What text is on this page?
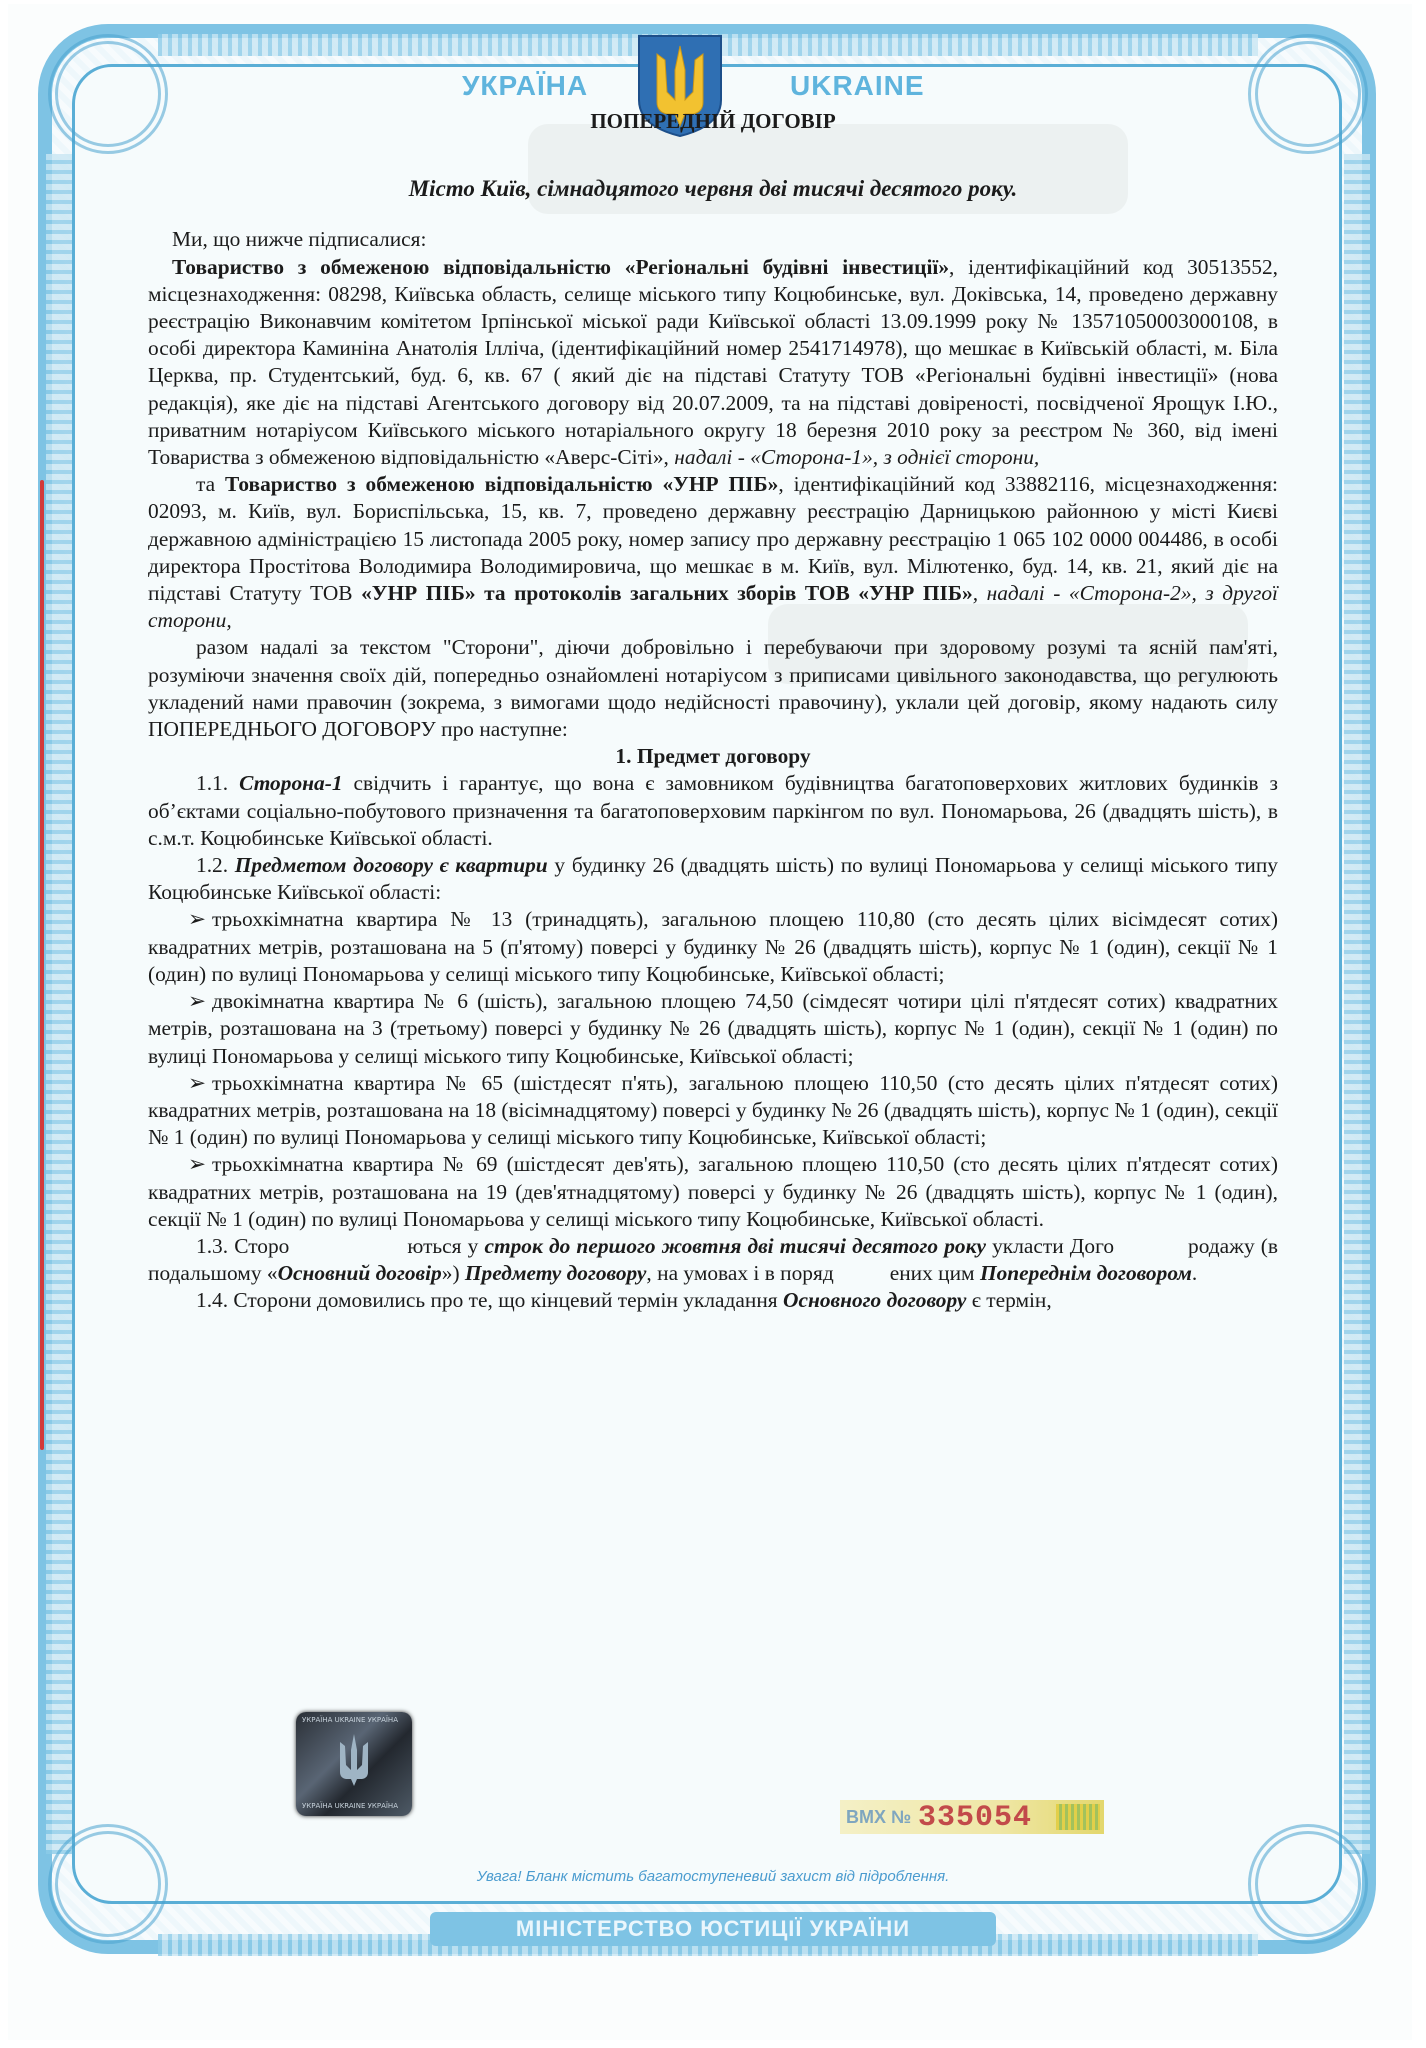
УКРАЇНА	UKRAINE

ПОПЕРЕДНІЙ ДОГОВІР

Місто Київ, сімнадцятого червня дві тисячі десятого року.

Ми, що нижче підписалися:

Товариство з обмеженою відповідальністю «Регіональні будівні інвестиції», ідентифікаційний код 30513552, місцезнаходження: 08298, Київська область, селище міського типу Коцюбинське, вул. Доківська, 14, проведено державну реєстрацію Виконавчим комітетом Ірпінської міської ради Київської області 13.09.1999 року № 13571050003000108, в особі директора Каминіна Анатолія Ілліча, (ідентифікаційний номер 2541714978), що мешкає в Київській області, м. Біла Церква, пр. Студентський, буд. 6, кв. 67 ( який діє на підставі Статуту ТОВ «Регіональні будівні інвестиції» (нова редакція), яке діє на підставі Агентського договору від 20.07.2009, та на підставі довіреності, посвідченої Ярощук І.Ю., приватним нотаріусом Київського міського нотаріального округу 18 березня 2010 року за реєстром № 360, від імені Товариства з обмеженою відповідальністю «Аверс-Сіті», надалі - «Сторона-1», з однієї сторони,

та Товариство з обмеженою відповідальністю «УНР ПІБ», ідентифікаційний код 33882116, місцезнаходження: 02093, м. Київ, вул. Бориспільська, 15, кв. 7, проведено державну реєстрацію Дарницькою районною у місті Києві державною адміністрацією 15 листопада 2005 року, номер запису про державну реєстрацію 1 065 102 0000 004486, в особі директора Простітова Володимира Володимировича, що мешкає в м. Київ, вул. Мілютенко, буд. 14, кв. 21, який діє на підставі Статуту ТОВ «УНР ПІБ» та протоколів загальних зборів ТОВ «УНР ПІБ», надалі - «Сторона-2», з другої сторони,

разом надалі за текстом "Сторони", діючи добровільно і перебуваючи при здоровому розумі та ясній пам'яті, розуміючи значення своїх дій, попередньо ознайомлені нотаріусом з приписами цивільного законодавства, що регулюють укладений нами правочин (зокрема, з вимогами щодо недійсності правочину), уклали цей договір, якому надають силу ПОПЕРЕДНЬОГО ДОГОВОРУ про наступне:

1. Предмет договору

1.1. Сторона-1 свідчить і гарантує, що вона є замовником будівництва багатоповерхових житлових будинків з об’єктами соціально-побутового призначення та багатоповерховим паркінгом по вул. Пономарьова, 26 (двадцять шість), в с.м.т. Коцюбинське Київської області.

1.2. Предметом договору є квартири у будинку 26 (двадцять шість) по вулиці Пономарьова у селищі міського типу Коцюбинське Київської області:

➢ трьохкімнатна квартира № 13 (тринадцять), загальною площею 110,80 (сто десять цілих вісімдесят сотих) квадратних метрів, розташована на 5 (п'ятому) поверсі у будинку № 26 (двадцять шість), корпус № 1 (один), секції № 1 (один) по вулиці Пономарьова у селищі міського типу Коцюбинське, Київської області;

➢ двокімнатна квартира № 6 (шість), загальною площею 74,50 (сімдесят чотири цілі п'ятдесят сотих) квадратних метрів, розташована на 3 (третьому) поверсі у будинку № 26 (двадцять шість), корпус № 1 (один), секції № 1 (один) по вулиці Пономарьова у селищі міського типу Коцюбинське, Київської області;

➢ трьохкімнатна квартира № 65 (шістдесят п'ять), загальною площею 110,50 (сто десять цілих п'ятдесят сотих) квадратних метрів, розташована на 18 (вісімнадцятому) поверсі у будинку № 26 (двадцять шість), корпус № 1 (один), секції № 1 (один) по вулиці Пономарьова у селищі міського типу Коцюбинське, Київської області;

➢ трьохкімнатна квартира № 69 (шістдесят дев'ять), загальною площею 110,50 (сто десять цілих п'ятдесят сотих) квадратних метрів, розташована на 19 (дев'ятнадцятому) поверсі у будинку № 26 (двадцять шість), корпус № 1 (один), секції № 1 (один) по вулиці Пономарьова у селищі міського типу Коцюбинське, Київської області.

1.3. Сторо	ються у строк до першого жовтня дві тисячі десятого року укласти Дого	родажу (в подальшому «Основний договір») Предмету договору, на умовах і в поряд	ених цим Попереднім договором.

1.4. Сторони домовились про те, що кінцевий термін укладання Основного договору є термін,

УКРАЇНА UKRAINE УКРАЇНА
УКРАЇНА UKRAINE УКРАЇНА
ВМХ № 335054
Увага! Бланк містить багатоступеневий захист від підроблення.
МІНІСТЕРСТВО ЮСТИЦІЇ УКРАЇНИ
